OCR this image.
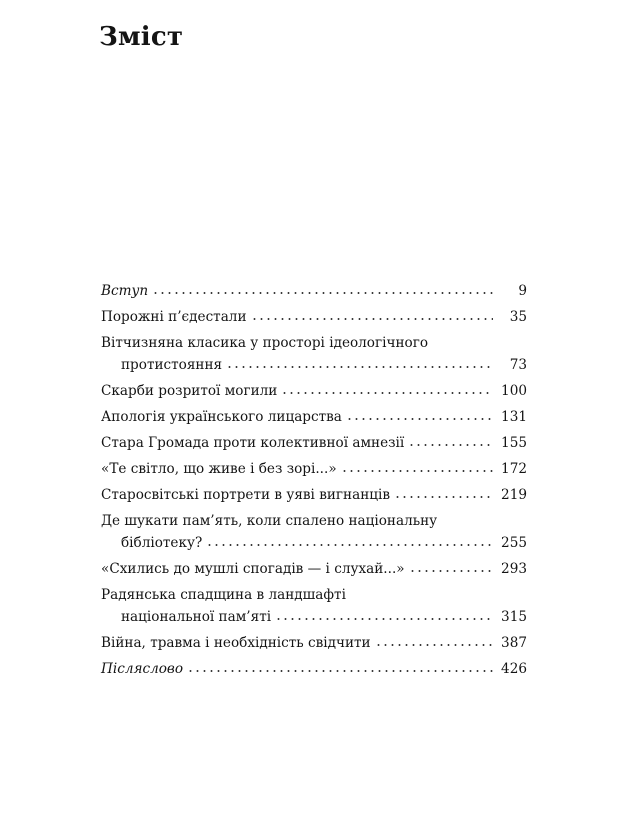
Зміст
Вступ	9
Порожні п’єдестали	35
Вітчизняна класика у просторі ідеологічного
протистояння	73
Скарби розритої могили	100
Апологія українського лицарства	131
Стара Громада проти колективної амнезії	155
«Те світло, що живе і без зорі...»	172
Старосвітські портрети в уяві вигнанців	219
Де шукати пам’ять, коли спалено національну
бібліотеку?	255
«Схились до мушлі спогадів — і слухай...»	293
Радянська спадщина в ландшафті
національної пам’яті	315
Війна, травма і необхідність свідчити	387
Післяслово	426
